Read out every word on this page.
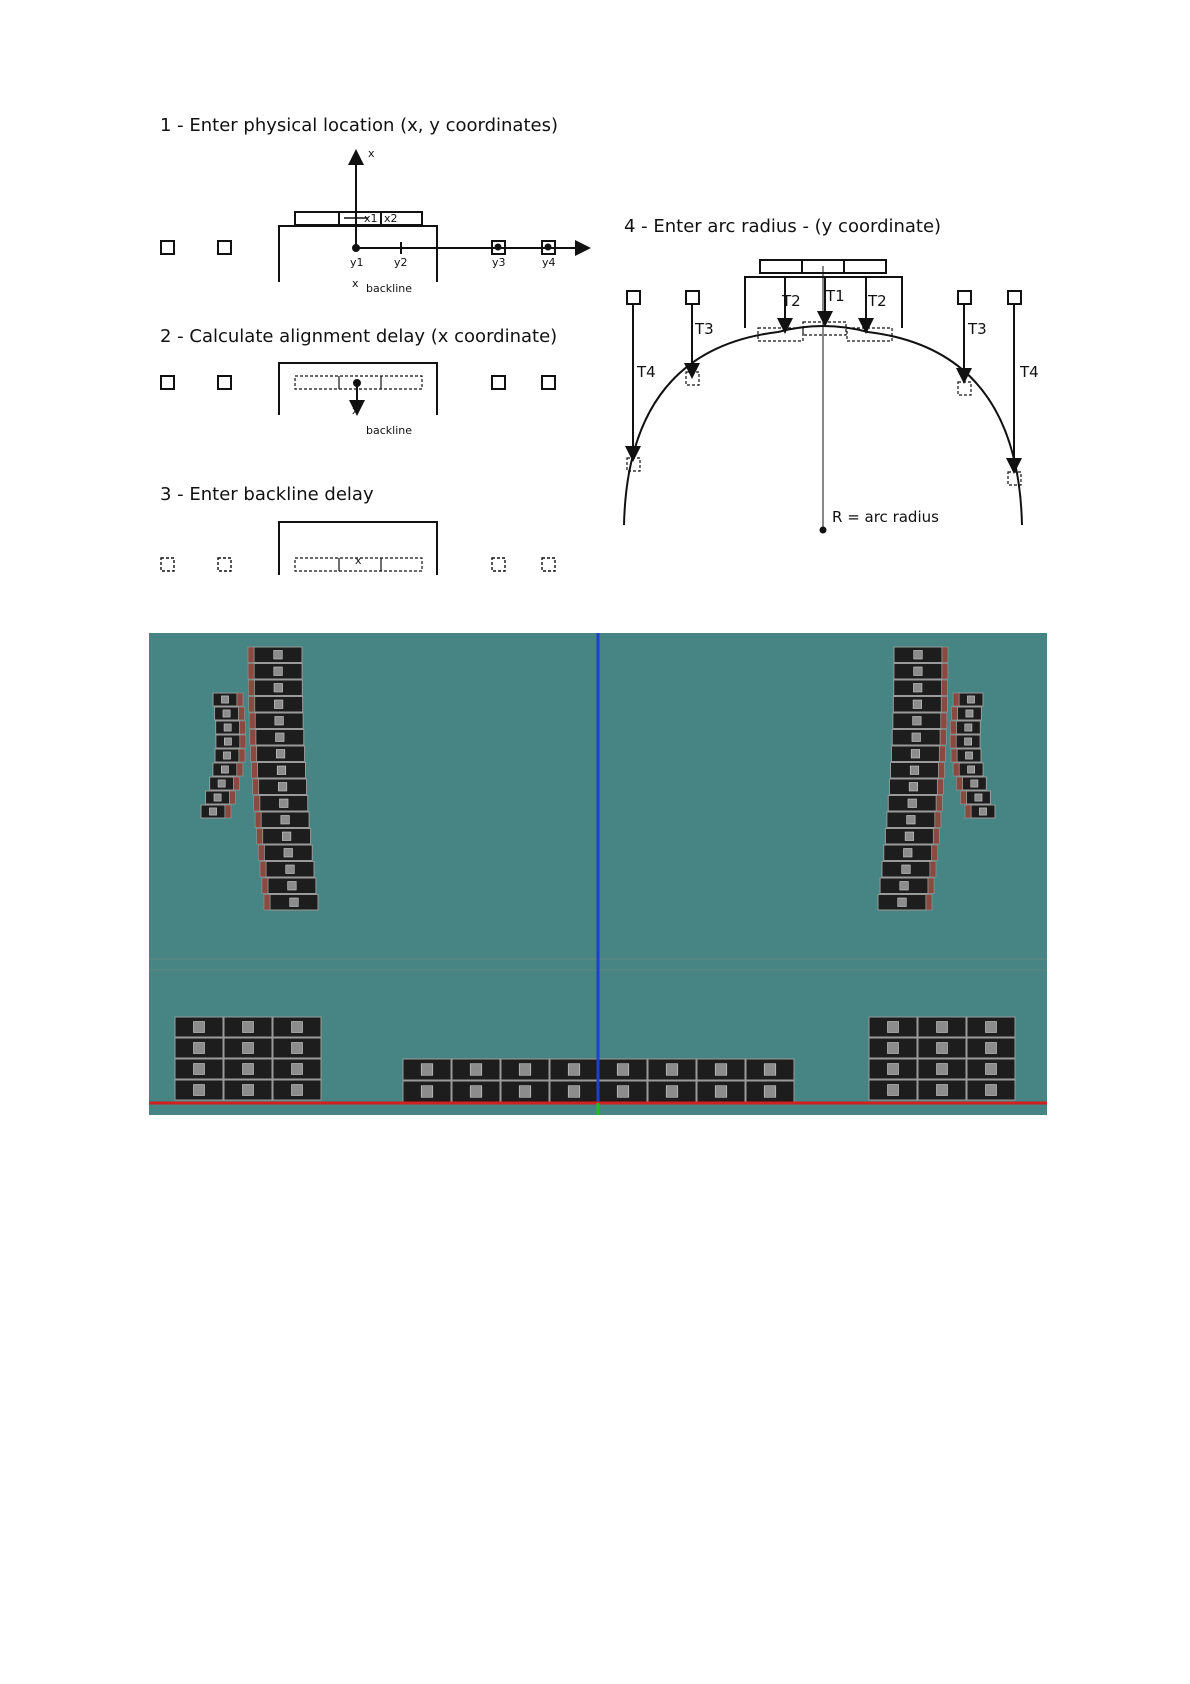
1 - Enter physical location (x, y coordinates)
x
x1 x2
y1	y2	y3	y4
x backline
2 - Calculate alignment delay (x coordinate)
x
backline
3 - Enter backline delay
x
4 - Enter arc radius - (y coordinate)
T1
T2	T2
T3	T3
T4	T4
R = arc radius
